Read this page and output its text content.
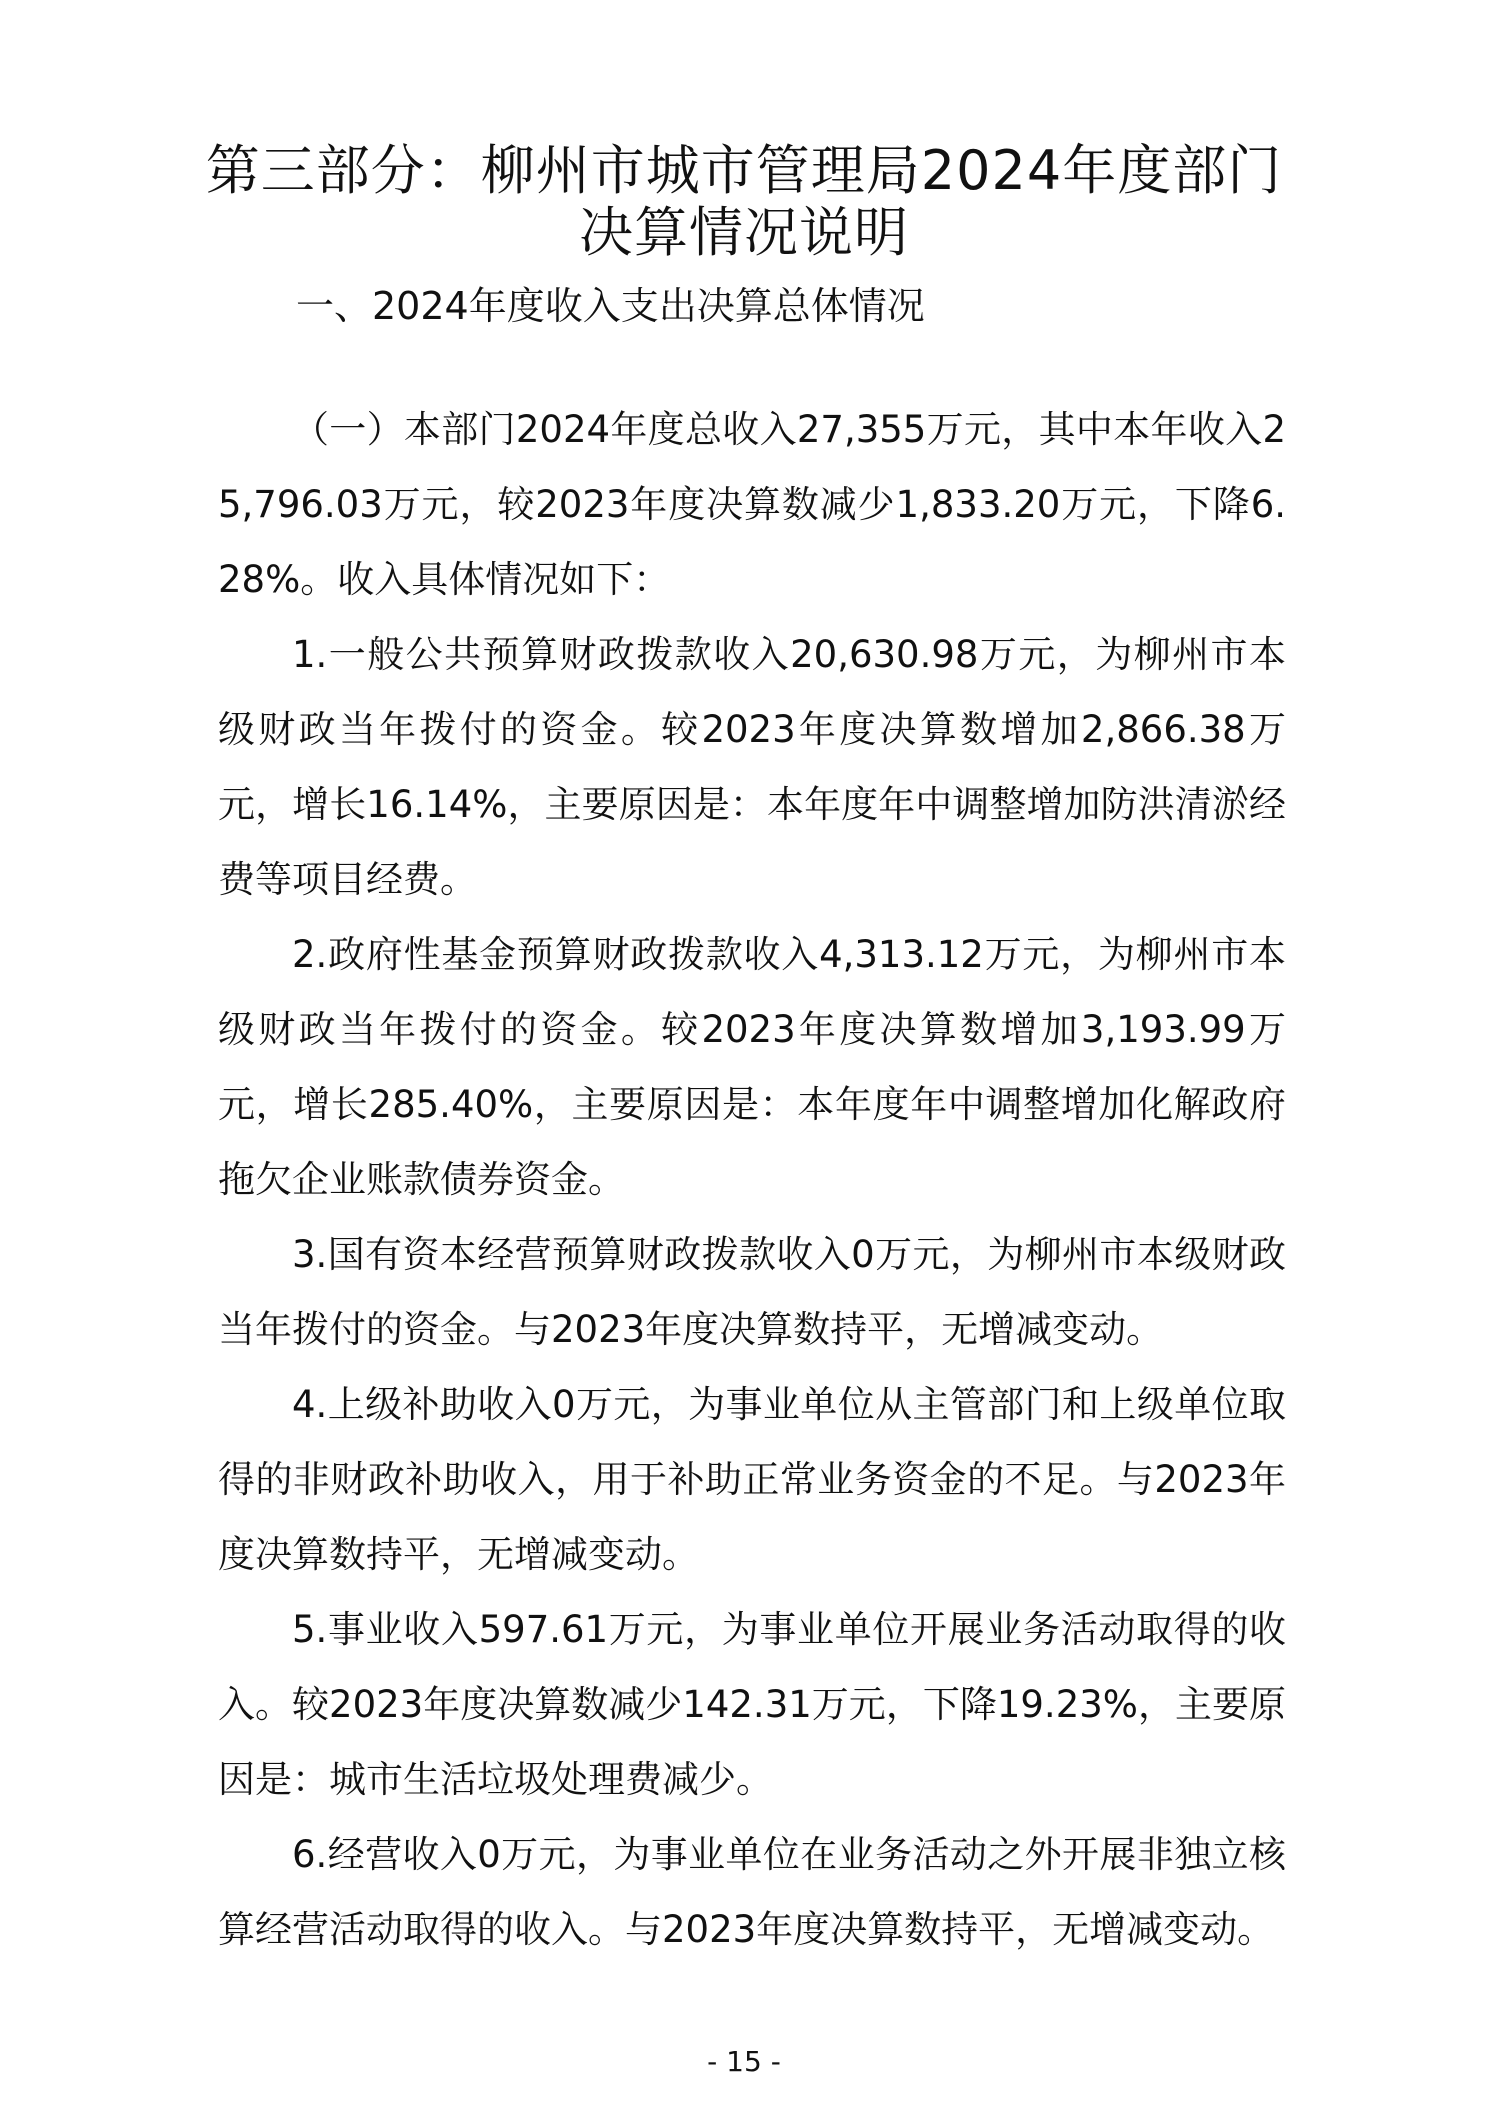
第三部分：柳州市城市管理局2024年度部门
决算情况说明
一、2024年度收入支出决算总体情况

（一）本部门2024年度总收入27,355万元，其中本年收入25,796.03万元，较2023年度决算数减少1,833.20万元，下降6.28%。收入具体情况如下：

1.一般公共预算财政拨款收入20,630.98万元，为柳州市本级财政当年拨付的资金。较2023年度决算数增加2,866.38万元，增长16.14%，主要原因是：本年度年中调整增加防洪清淤经费等项目经费。

2.政府性基金预算财政拨款收入4,313.12万元，为柳州市本级财政当年拨付的资金。较2023年度决算数增加3,193.99万元，增长285.40%，主要原因是：本年度年中调整增加化解政府拖欠企业账款债券资金。

3.国有资本经营预算财政拨款收入0万元，为柳州市本级财政当年拨付的资金。与2023年度决算数持平，无增减变动。

4.上级补助收入0万元，为事业单位从主管部门和上级单位取得的非财政补助收入，用于补助正常业务资金的不足。与2023年度决算数持平，无增减变动。

5.事业收入597.61万元，为事业单位开展业务活动取得的收入。较2023年度决算数减少142.31万元，下降19.23%，主要原因是：城市生活垃圾处理费减少。

6.经营收入0万元，为事业单位在业务活动之外开展非独立核算经营活动取得的收入。与2023年度决算数持平，无增减变动。

- 15 -
